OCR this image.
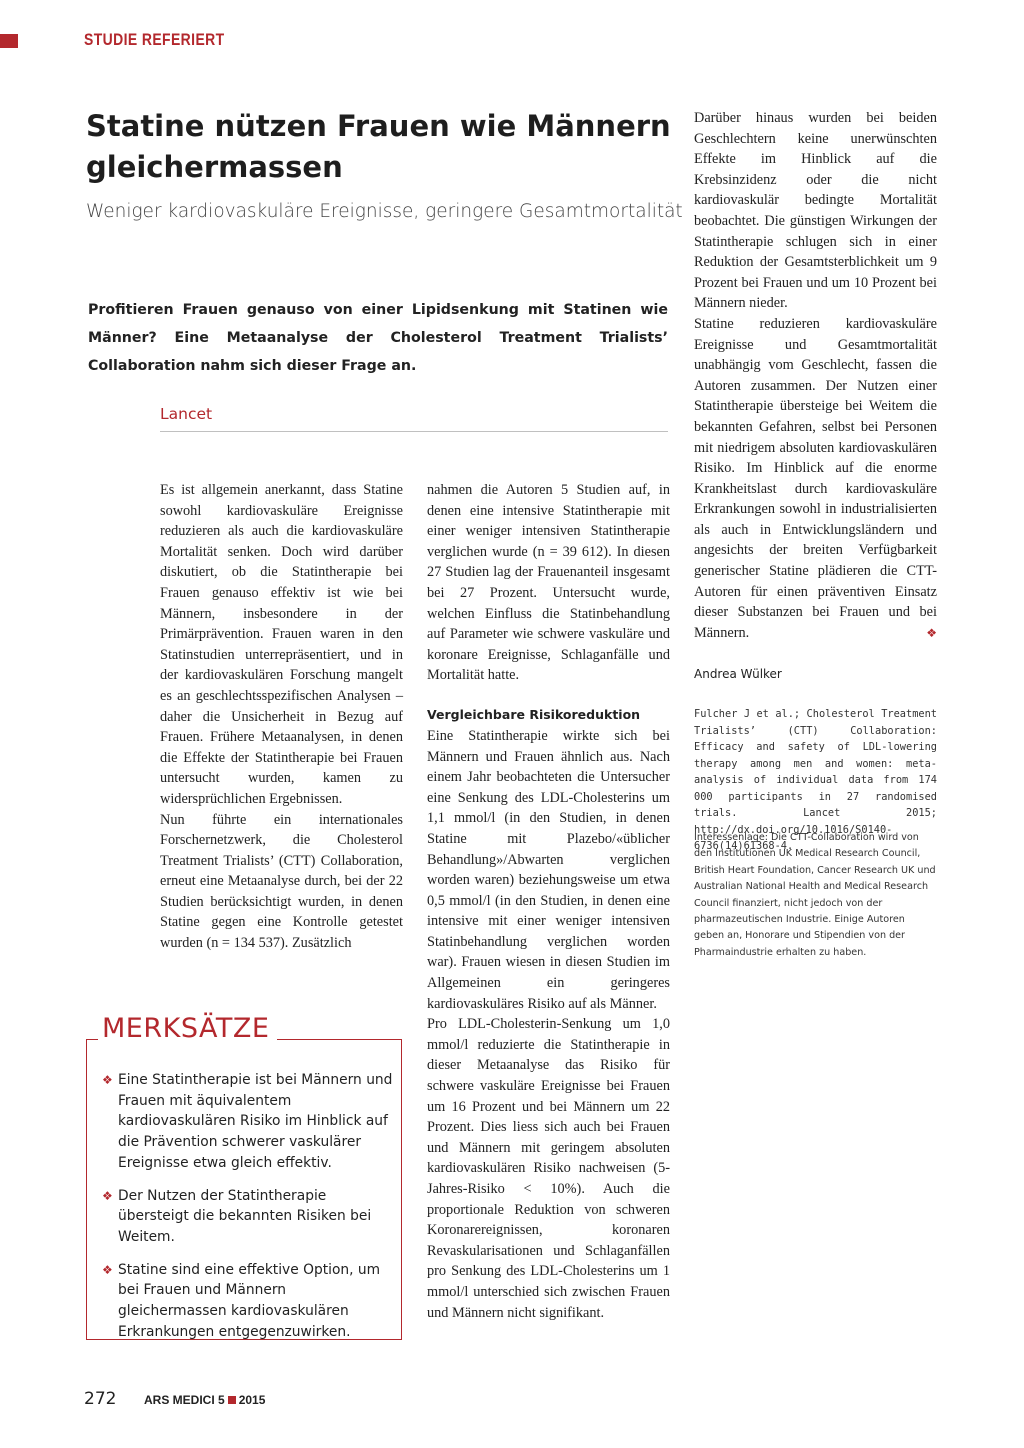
STUDIE REFERIERT
Statine nützen Frauen wie Männern gleichermassen
Weniger kardiovaskuläre Ereignisse, geringere Gesamtmortalität
Profitieren Frauen genauso von einer Lipidsenkung mit Statinen wie Männer? Eine Metaanalyse der Cholesterol Treatment Trialists’ Collaboration nahm sich dieser Frage an.
Lancet

Es ist allgemein anerkannt, dass Statine sowohl kardiovaskuläre Ereignisse reduzieren als auch die kardiovaskuläre Mortalität senken. Doch wird darüber diskutiert, ob die Statintherapie bei Frauen genauso effektiv ist wie bei Männern, insbesondere in der Primärprävention. Frauen waren in den Statinstudien unterrepräsentiert, und in der kardiovaskulären Forschung mangelt es an geschlechtsspezifischen Analysen – daher die Unsicherheit in Bezug auf Frauen. Frühere Metaanalysen, in denen die Effekte der Statintherapie bei Frauen untersucht wurden, kamen zu widersprüchlichen Ergebnissen.

Nun führte ein internationales Forschernetzwerk, die Cholesterol Treatment Trialists’ (CTT) Collaboration, erneut eine Metaanalyse durch, bei der 22 Studien berücksichtigt wurden, in denen Statine gegen eine Kontrolle getestet wurden (n = 134 537). Zusätzlich

nahmen die Autoren 5 Studien auf, in denen eine intensive Statintherapie mit einer weniger intensiven Statintherapie verglichen wurde (n = 39 612). In diesen 27 Studien lag der Frauenanteil insgesamt bei 27 Prozent. Untersucht wurde, welchen Einfluss die Statinbehandlung auf Parameter wie schwere vaskuläre und koronare Ereignisse, Schlaganfälle und Mortalität hatte.

Vergleichbare Risikoreduktion

Eine Statintherapie wirkte sich bei Männern und Frauen ähnlich aus. Nach einem Jahr beobachteten die Untersucher eine Senkung des LDL-Cholesterins um 1,1 mmol/l (in den Studien, in denen Statine mit Plazebo/«üblicher Behandlung»/Abwarten verglichen worden waren) beziehungsweise um etwa 0,5 mmol/l (in den Studien, in denen eine intensive mit einer weniger intensiven Statinbehandlung verglichen worden war). Frauen wiesen in diesen Studien im Allgemeinen ein geringeres kardiovaskuläres Risiko auf als Männer.

Pro LDL-Cholesterin-Senkung um 1,0 mmol/l reduzierte die Statintherapie in dieser Metaanalyse das Risiko für schwere vaskuläre Ereignisse bei Frauen um 16 Prozent und bei Männern um 22 Prozent. Dies liess sich auch bei Frauen und Männern mit geringem absoluten kardiovaskulären Risiko nachweisen (5-Jahres-Risiko < 10%). Auch die proportionale Reduktion von schweren Koronarereignissen, koronaren Revaskularisationen und Schlaganfällen pro Senkung des LDL-Cholesterins um 1 mmol/l unterschied sich zwischen Frauen und Männern nicht signifikant.

Darüber hinaus wurden bei beiden Geschlechtern keine unerwünschten Effekte im Hinblick auf die Krebsinzidenz oder die nicht kardiovaskulär bedingte Mortalität beobachtet. Die günstigen Wirkungen der Statintherapie schlugen sich in einer Reduktion der Gesamtsterblichkeit um 9 Prozent bei Frauen und um 10 Prozent bei Männern nieder.

Statine reduzieren kardiovaskuläre Ereignisse und Gesamtmortalität unabhängig vom Geschlecht, fassen die Autoren zusammen. Der Nutzen einer Statintherapie übersteige bei Weitem die bekannten Gefahren, selbst bei Personen mit niedrigem absoluten kardiovaskulären Risiko. Im Hinblick auf die enorme Krankheitslast durch kardiovaskuläre Erkrankungen sowohl in industrialisierten als auch in Entwicklungsländern und angesichts der breiten Verfügbarkeit generischer Statine plädieren die CTT-Autoren für einen präventiven Einsatz dieser Substanzen bei Frauen und bei Männern.	❖

Andrea Wülker
Fulcher J et al.; Cholesterol Treatment Trialists’ (CTT) Collaboration: Efficacy and safety of LDL-lowering therapy among men and women: meta-analysis of individual data from 174 000 participants in 27 randomised trials. Lancet 2015; http://dx.doi.org/10.1016/S0140-6736(14)61368-4.
Interessenlage: Die CTT-Collaboration wird von den Institutionen UK Medical Research Council, British Heart Foundation, Cancer Research UK und Australian National Health and Medical Research Council finanziert, nicht jedoch von der pharmazeutischen Industrie. Einige Autoren geben an, Honorare und Stipendien von der Pharmaindustrie erhalten zu haben.
MERKSÄTZE
❖ Eine Statintherapie ist bei Männern und Frauen mit äquivalentem kardiovaskulären Risiko im Hinblick auf die Prävention schwerer vaskulärer Ereignisse etwa gleich effektiv.
❖ Der Nutzen der Statintherapie übersteigt die bekannten Risiken bei Weitem.
❖ Statine sind eine effektive Option, um bei Frauen und Männern gleichermassen kardiovaskulären Erkrankungen entgegenzuwirken.
272 ARS MEDICI 5 2015
